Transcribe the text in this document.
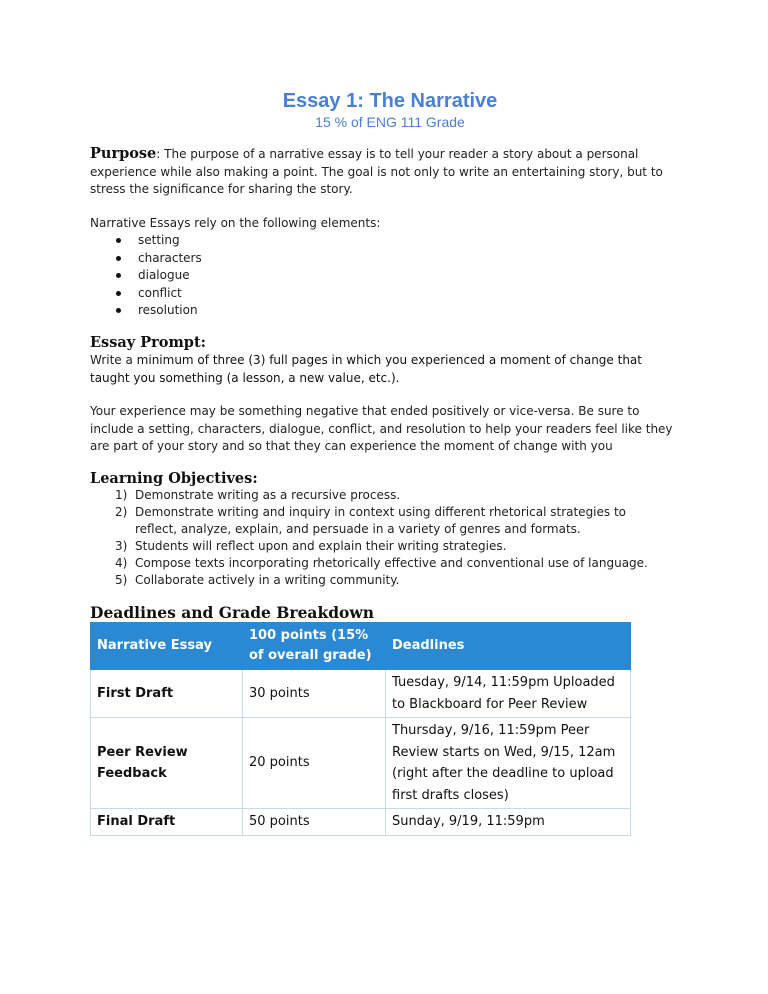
Essay 1: The Narrative
15 % of ENG 111 Grade
Purpose: The purpose of a narrative essay is to tell your reader a story about a personal experience while also making a point. The goal is not only to write an entertaining story, but to stress the significance for sharing the story.
Narrative Essays rely on the following elements:
setting
characters
dialogue
conflict
resolution
Essay Prompt:
Write a minimum of three (3) full pages in which you experienced a moment of change that taught you something (a lesson, a new value, etc.).
Your experience may be something negative that ended positively or vice-versa. Be sure to include a setting, characters, dialogue, conflict, and resolution to help your readers feel like they are part of your story and so that they can experience the moment of change with you
Learning Objectives:
1) Demonstrate writing as a recursive process.
2) Demonstrate writing and inquiry in context using different rhetorical strategies to reflect, analyze, explain, and persuade in a variety of genres and formats.
3) Students will reflect upon and explain their writing strategies.
4) Compose texts incorporating rhetorically effective and conventional use of language.
5) Collaborate actively in a writing community.
Deadlines and Grade Breakdown
Narrative Essay	100 points (15% of overall grade)	Deadlines
First Draft	30 points	Tuesday, 9/14, 11:59pm Uploaded to Blackboard for Peer Review
Peer Review Feedback	20 points	Thursday, 9/16, 11:59pm Peer Review starts on Wed, 9/15, 12am (right after the deadline to upload first drafts closes)
Final Draft	50 points	Sunday, 9/19, 11:59pm
